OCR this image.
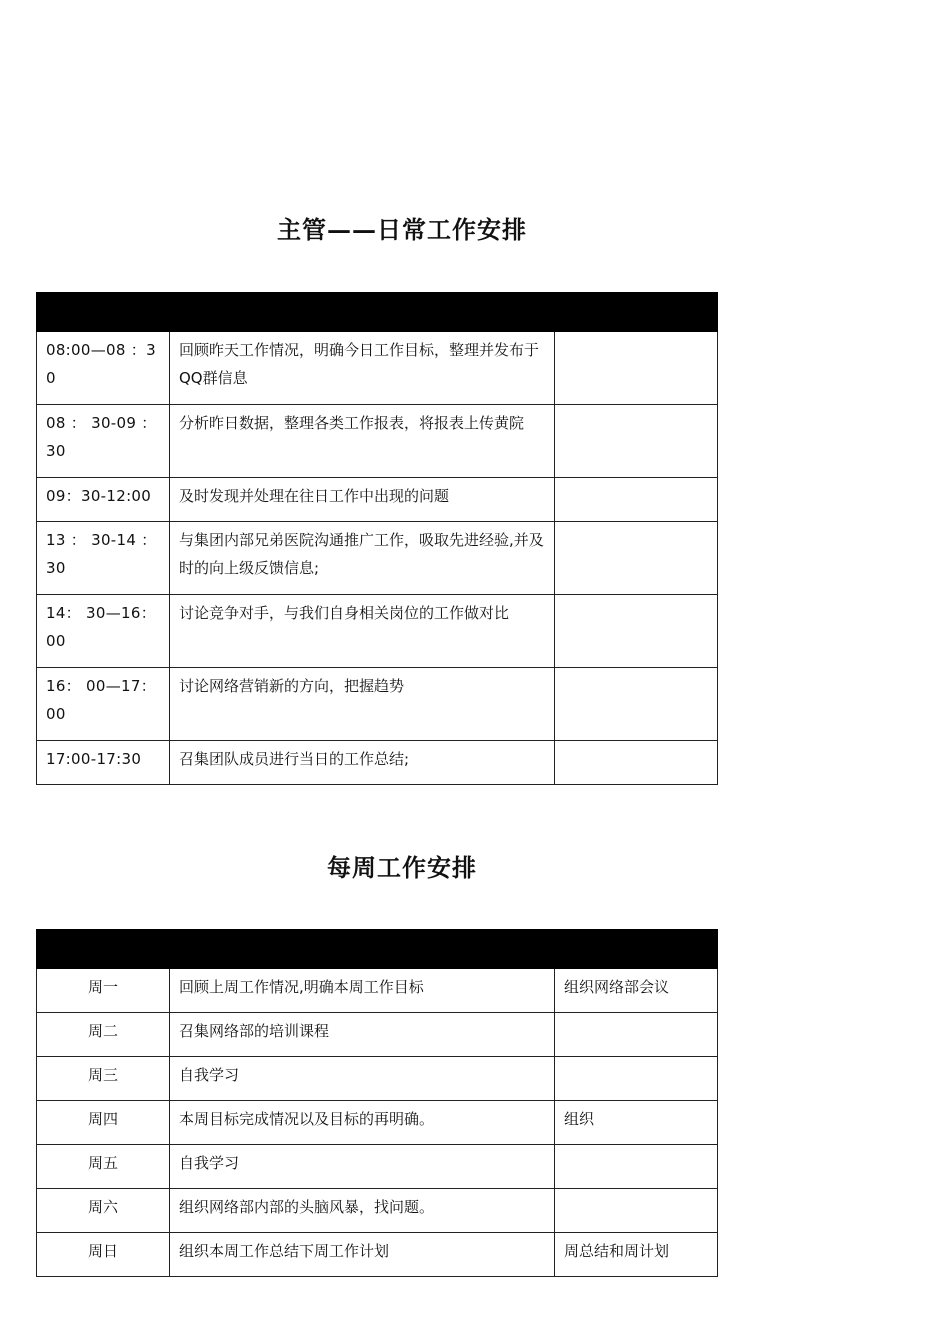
主管——日常工作安排

08:00—08 ：30	回顾昨天工作情况，明确今日工作目标，整理并发布于QQ群信息	
08 ： 30-09 ：30	分析昨日数据，整理各类工作报表，将报表上传黄院	
09：30-12:00	及时发现并处理在往日工作中出现的问题	
13 ： 30-14 ：30	与集团内部兄弟医院沟通推广工作，吸取先进经验,并及时的向上级反馈信息;	
14： 30—16：00	讨论竞争对手，与我们自身相关岗位的工作做对比	
16： 00—17：00	讨论网络营销新的方向，把握趋势	
17:00-17:30	召集团队成员进行当日的工作总结;	
每周工作安排

周一	回顾上周工作情况,明确本周工作目标	组织网络部会议
周二	召集网络部的培训课程	
周三	自我学习	
周四	本周目标完成情况以及目标的再明确。	组织
周五	自我学习	
周六	组织网络部内部的头脑风暴，找问题。	
周日	组织本周工作总结下周工作计划	周总结和周计划
